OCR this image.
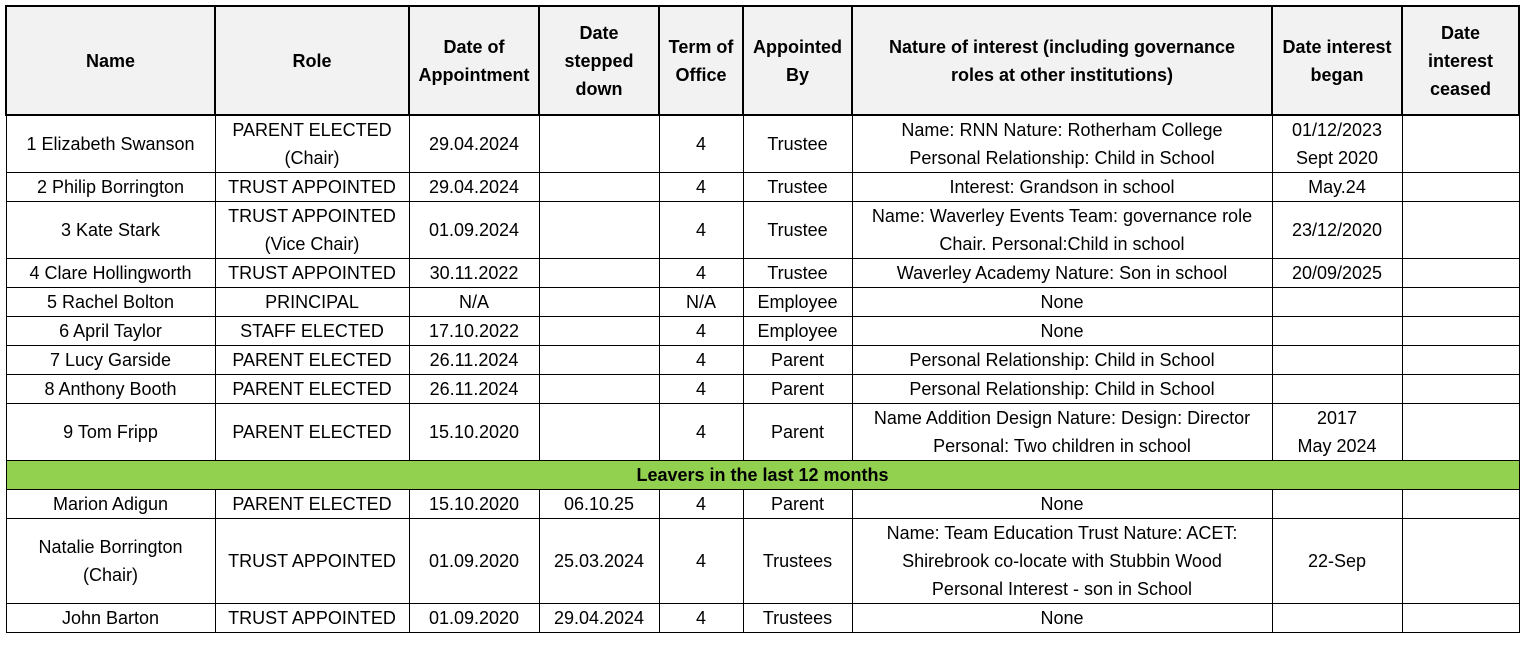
Name	Role	Date of
Appointment	Date
stepped
down	Term of
Office	Appointed
By	Nature of interest (including governance
roles at other institutions)	Date interest
began	Date
interest
ceased

1 Elizabeth Swanson	PARENT ELECTED
(Chair)	29.04.2024		4	Trustee	Name: RNN Nature: Rotherham College
Personal Relationship: Child in School	01/12/2023
Sept 2020	

2 Philip Borrington	TRUST APPOINTED	29.04.2024		4	Trustee	Interest: Grandson in school	May.24	

3 Kate Stark	TRUST APPOINTED
(Vice Chair)	01.09.2024		4	Trustee	Name: Waverley Events Team: governance role
Chair. Personal:Child in school	23/12/2020	

4 Clare Hollingworth	TRUST APPOINTED	30.11.2022		4	Trustee	Waverley Academy Nature: Son in school	20/09/2025	

5 Rachel Bolton	PRINCIPAL	N/A		N/A	Employee	None		

6 April Taylor	STAFF ELECTED	17.10.2022		4	Employee	None		

7 Lucy Garside	PARENT ELECTED	26.11.2024		4	Parent	Personal Relationship: Child in School		

8 Anthony Booth	PARENT ELECTED	26.11.2024		4	Parent	Personal Relationship: Child in School		

9 Tom Fripp	PARENT ELECTED	15.10.2020		4	Parent	Name Addition Design Nature: Design: Director
Personal: Two children in school	2017
May 2024	

Leavers in the last 12 months								

Marion Adigun	PARENT ELECTED	15.10.2020	06.10.25	4	Parent	None		

Natalie Borrington
(Chair)	TRUST APPOINTED	01.09.2020	25.03.2024	4	Trustees	Name: Team Education Trust Nature: ACET:
Shirebrook co-locate with Stubbin Wood
Personal Interest - son in School	22-Sep	

John Barton	TRUST APPOINTED	01.09.2020	29.04.2024	4	Trustees	None		
